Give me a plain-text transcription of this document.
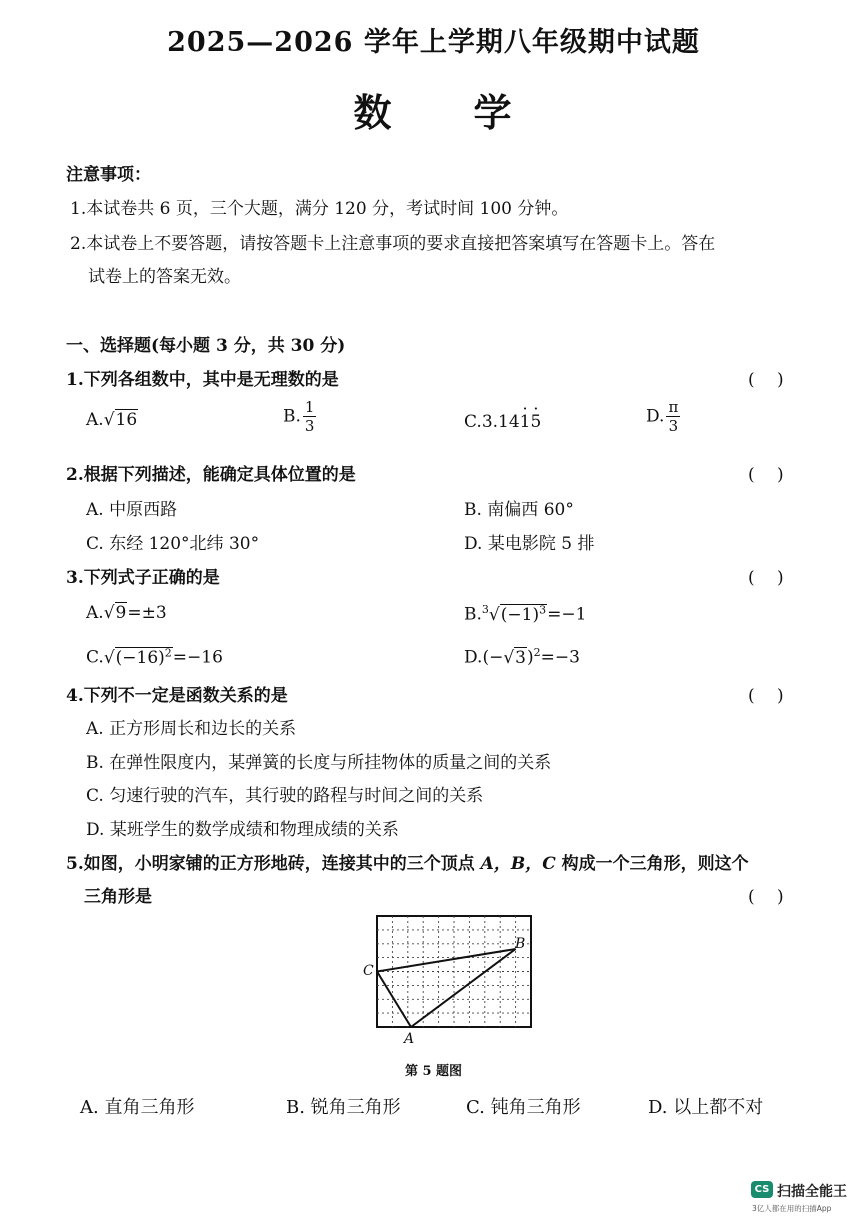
2025—2026 学年上学期八年级期中试题
数　　学
注意事项：
1.本试卷共 6 页，三个大题，满分 120 分，考试时间 100 分钟。
2.本试卷上不要答题，请按答题卡上注意事项的要求直接把答案填写在答题卡上。答在
试卷上的答案无效。
一、选择题(每小题 3 分，共 30 分)
1.下列各组数中，其中是无理数的是	(　 )
A.√16	B. $\frac{1}{3}$	C.3.141 ·5 ·	D. $\frac{\pi}{3}$
2.根据下列描述，能确定具体位置的是	(　 )
A. 中原西路	B. 南偏西 60°
C. 东经 120°北纬 30°	D. 某电影院 5 排
3.下列式子正确的是	(　 )
A.√9=±3	$B.^3√(-1)^3=-1$
$C.√(-16)^2=-16$	$D.(-√3)^2=-3$
4.下列不一定是函数关系的是	(　 )
A. 正方形周长和边长的关系
B. 在弹性限度内，某弹簧的长度与所挂物体的质量之间的关系
C. 匀速行驶的汽车，其行驶的路程与时间之间的关系
D. 某班学生的数学成绩和物理成绩的关系
5.如图，小明家铺的正方形地砖，连接其中的三个顶点 A，B，C 构成一个三角形，则这个
三角形是	(　 )
C
B
A
第 5 题图
A. 直角三角形	B. 锐角三角形	C. 钝角三角形	D. 以上都不对
CS 扫描全能王
3亿人都在用的扫描App
